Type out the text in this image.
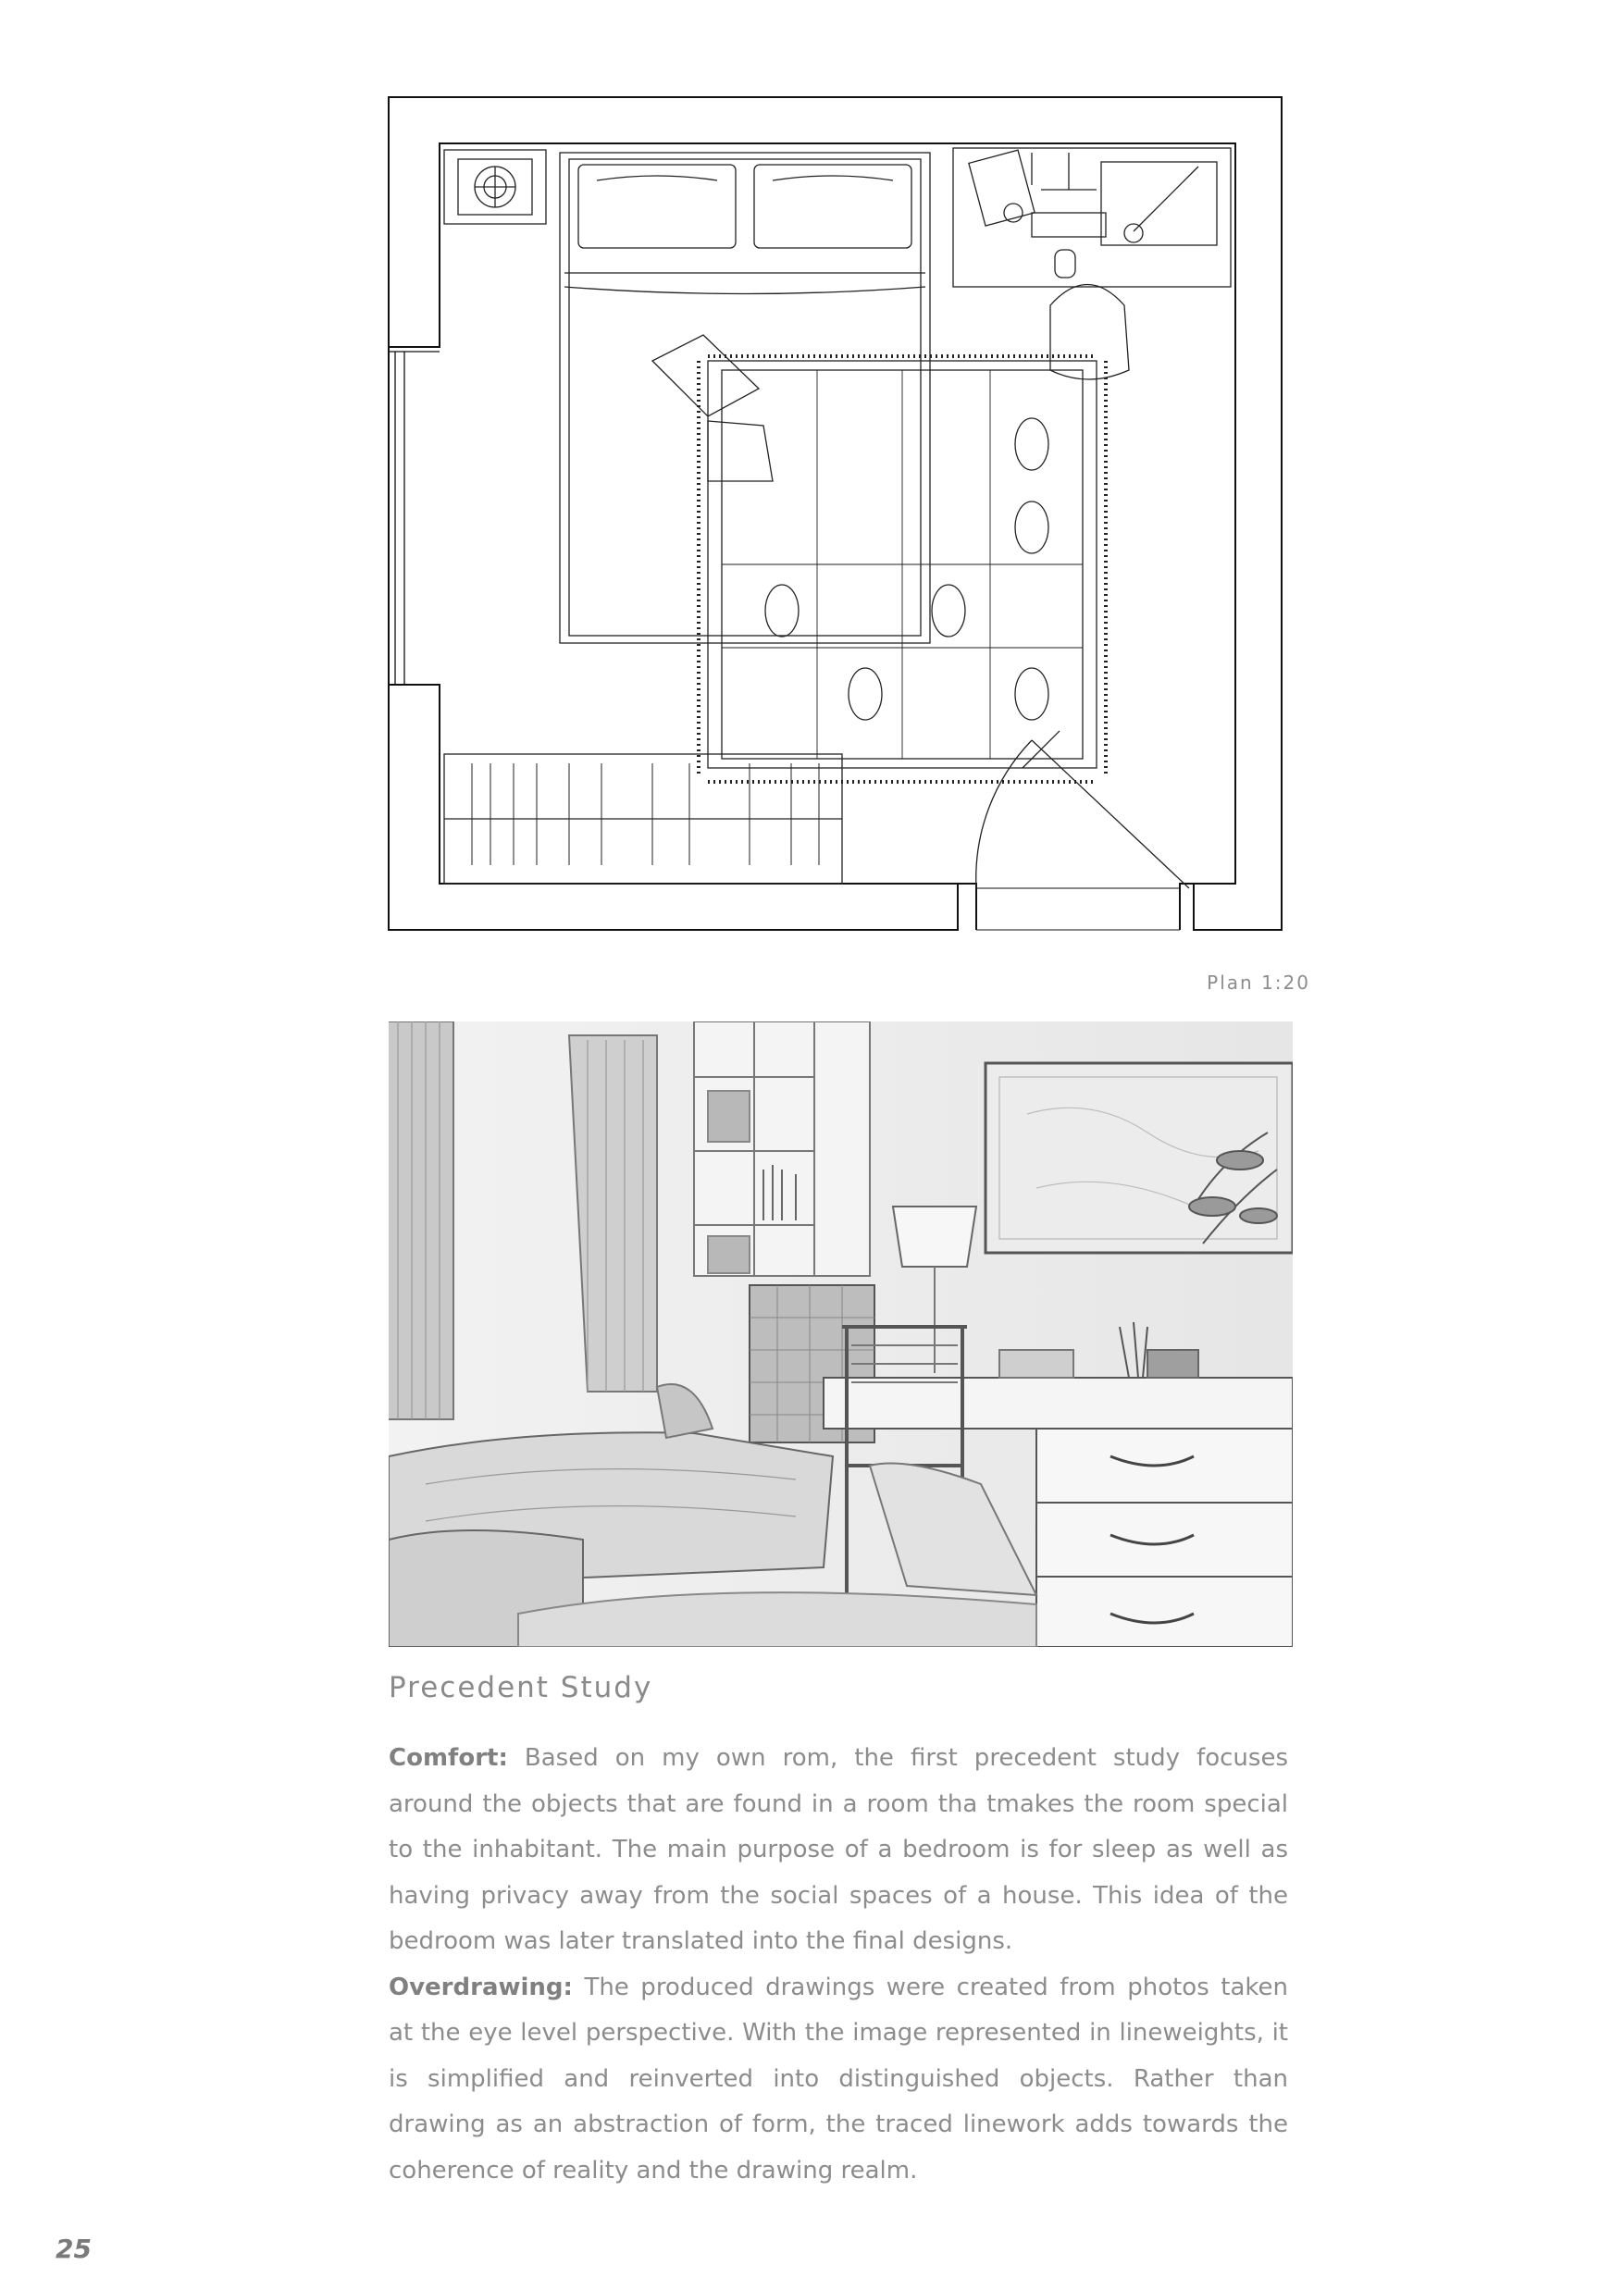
Plan 1:20
Precedent Study

Comfort: Based on my own rom, the first precedent study focuses around the objects that are found in a room tha tmakes the room special to the inhabitant. The main purpose of a bedroom is for sleep as well as having privacy away from the social spaces of a house. This idea of the bedroom was later translated into the final designs.

Overdrawing: The produced drawings were created from photos taken at the eye level perspective. With the image represented in lineweights, it is simplified and reinverted into distinguished objects. Rather than drawing as an abstraction of form, the traced linework adds towards the coherence of reality and the drawing realm.

25
